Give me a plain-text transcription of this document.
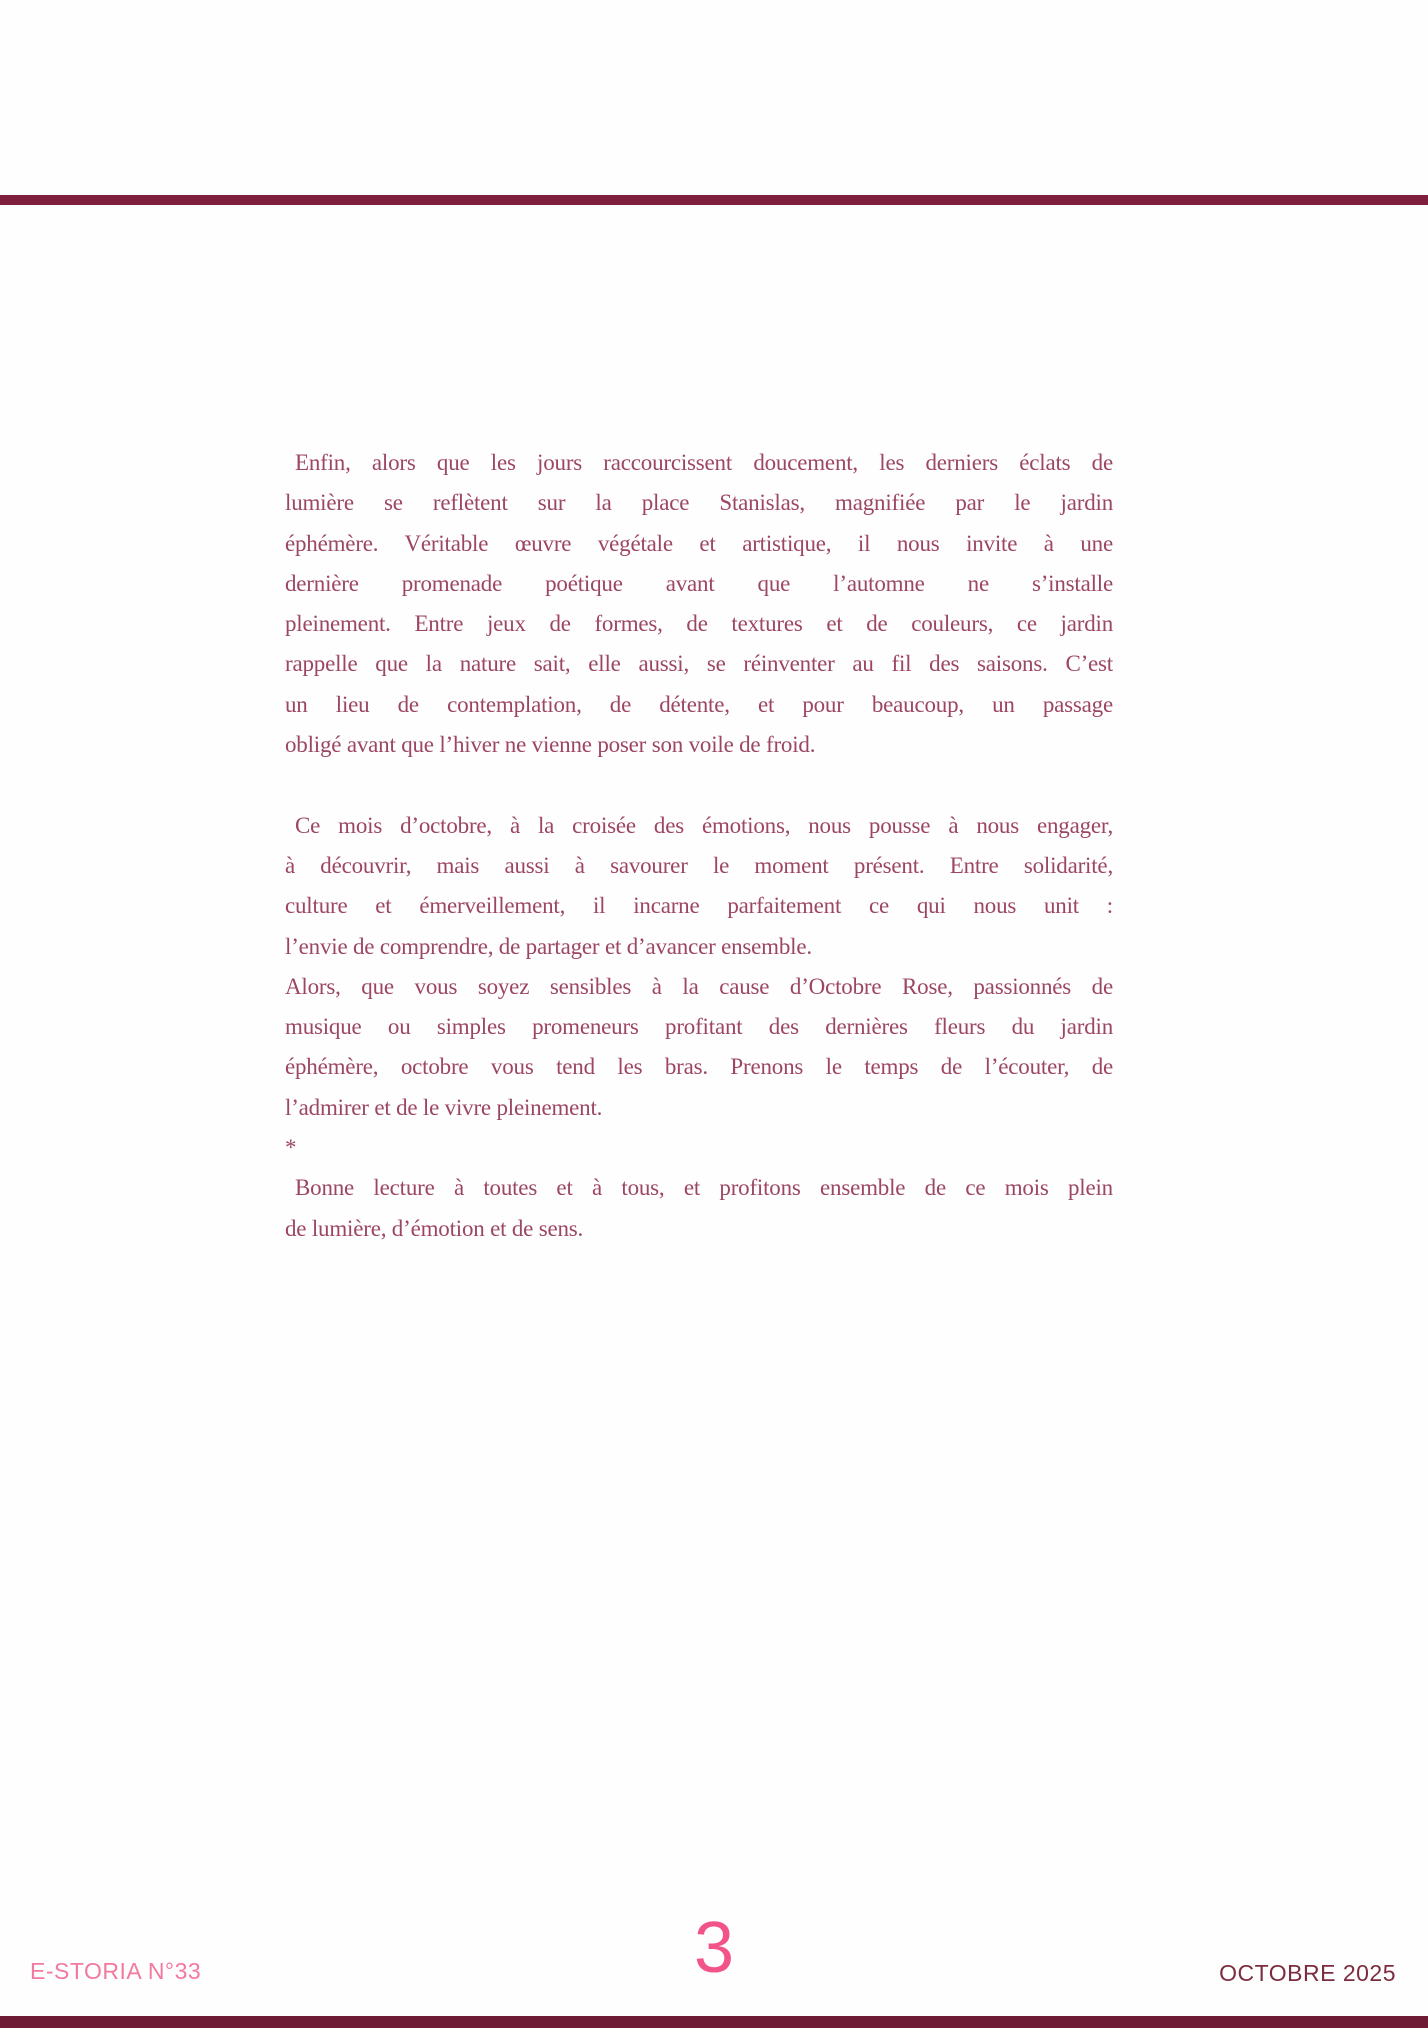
Enfin, alors que les jours raccourcissent doucement, les derniers éclats de
lumière se reflètent sur la place Stanislas, magnifiée par le jardin
éphémère. Véritable œuvre végétale et artistique, il nous invite à une
dernière promenade poétique avant que l’automne ne s’installe
pleinement. Entre jeux de formes, de textures et de couleurs, ce jardin
rappelle que la nature sait, elle aussi, se réinventer au fil des saisons. C’est
un lieu de contemplation, de détente, et pour beaucoup, un passage
obligé avant que l’hiver ne vienne poser son voile de froid.
Ce mois d’octobre, à la croisée des émotions, nous pousse à nous engager,
à découvrir, mais aussi à savourer le moment présent. Entre solidarité,
culture et émerveillement, il incarne parfaitement ce qui nous unit :
l’envie de comprendre, de partager et d’avancer ensemble.
Alors, que vous soyez sensibles à la cause d’Octobre Rose, passionnés de
musique ou simples promeneurs profitant des dernières fleurs du jardin
éphémère, octobre vous tend les bras. Prenons le temps de l’écouter, de
l’admirer et de le vivre pleinement.
*
Bonne lecture à toutes et à tous, et profitons ensemble de ce mois plein
de lumière, d’émotion et de sens.
3
E-STORIA N°33	OCTOBRE 2025
